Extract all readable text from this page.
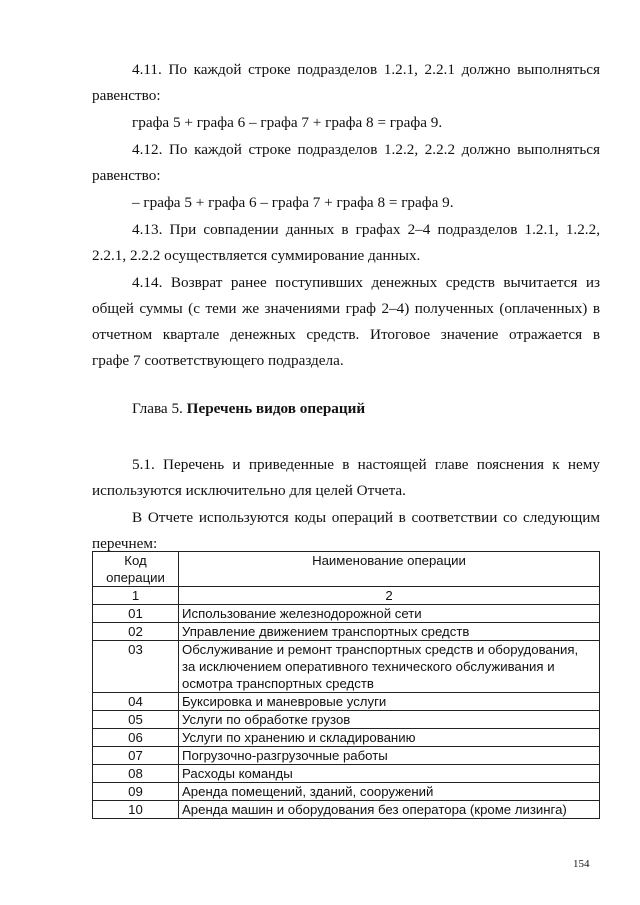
4.11. По каждой строке подразделов 1.2.1, 2.2.1 должно выполняться
равенство:
графа 5 + графа 6 – графа 7 + графа 8 = графа 9.
4.12. По каждой строке подразделов 1.2.2, 2.2.2 должно выполняться
равенство:
– графа 5 + графа 6 – графа 7 + графа 8 = графа 9.
4.13. При совпадении данных в графах 2–4 подразделов 1.2.1, 1.2.2,
2.2.1, 2.2.2 осуществляется суммирование данных.
4.14. Возврат ранее поступивших денежных средств вычитается из
общей суммы (с теми же значениями граф 2–4) полученных (оплаченных) в
отчетном квартале денежных средств. Итоговое значение отражается в
графе 7 соответствующего подраздела.
Глава 5. Перечень видов операций
5.1. Перечень и приведенные в настоящей главе пояснения к нему
используются исключительно для целей Отчета.
В Отчете используются коды операций в соответствии со следующим
перечнем:
Код
операции	Наименование операции
1	2
01	Использование железнодорожной сети
02	Управление движением транспортных средств
03	Обслуживание и ремонт транспортных средств и оборудования,
за исключением оперативного технического обслуживания и
осмотра транспортных средств

04	Буксировка и маневровые услуги
05	Услуги по обработке грузов
06	Услуги по хранению и складированию
07	Погрузочно-разгрузочные работы
08	Расходы команды
09	Аренда помещений, зданий, сооружений
10	Аренда машин и оборудования без оператора (кроме лизинга)
154
